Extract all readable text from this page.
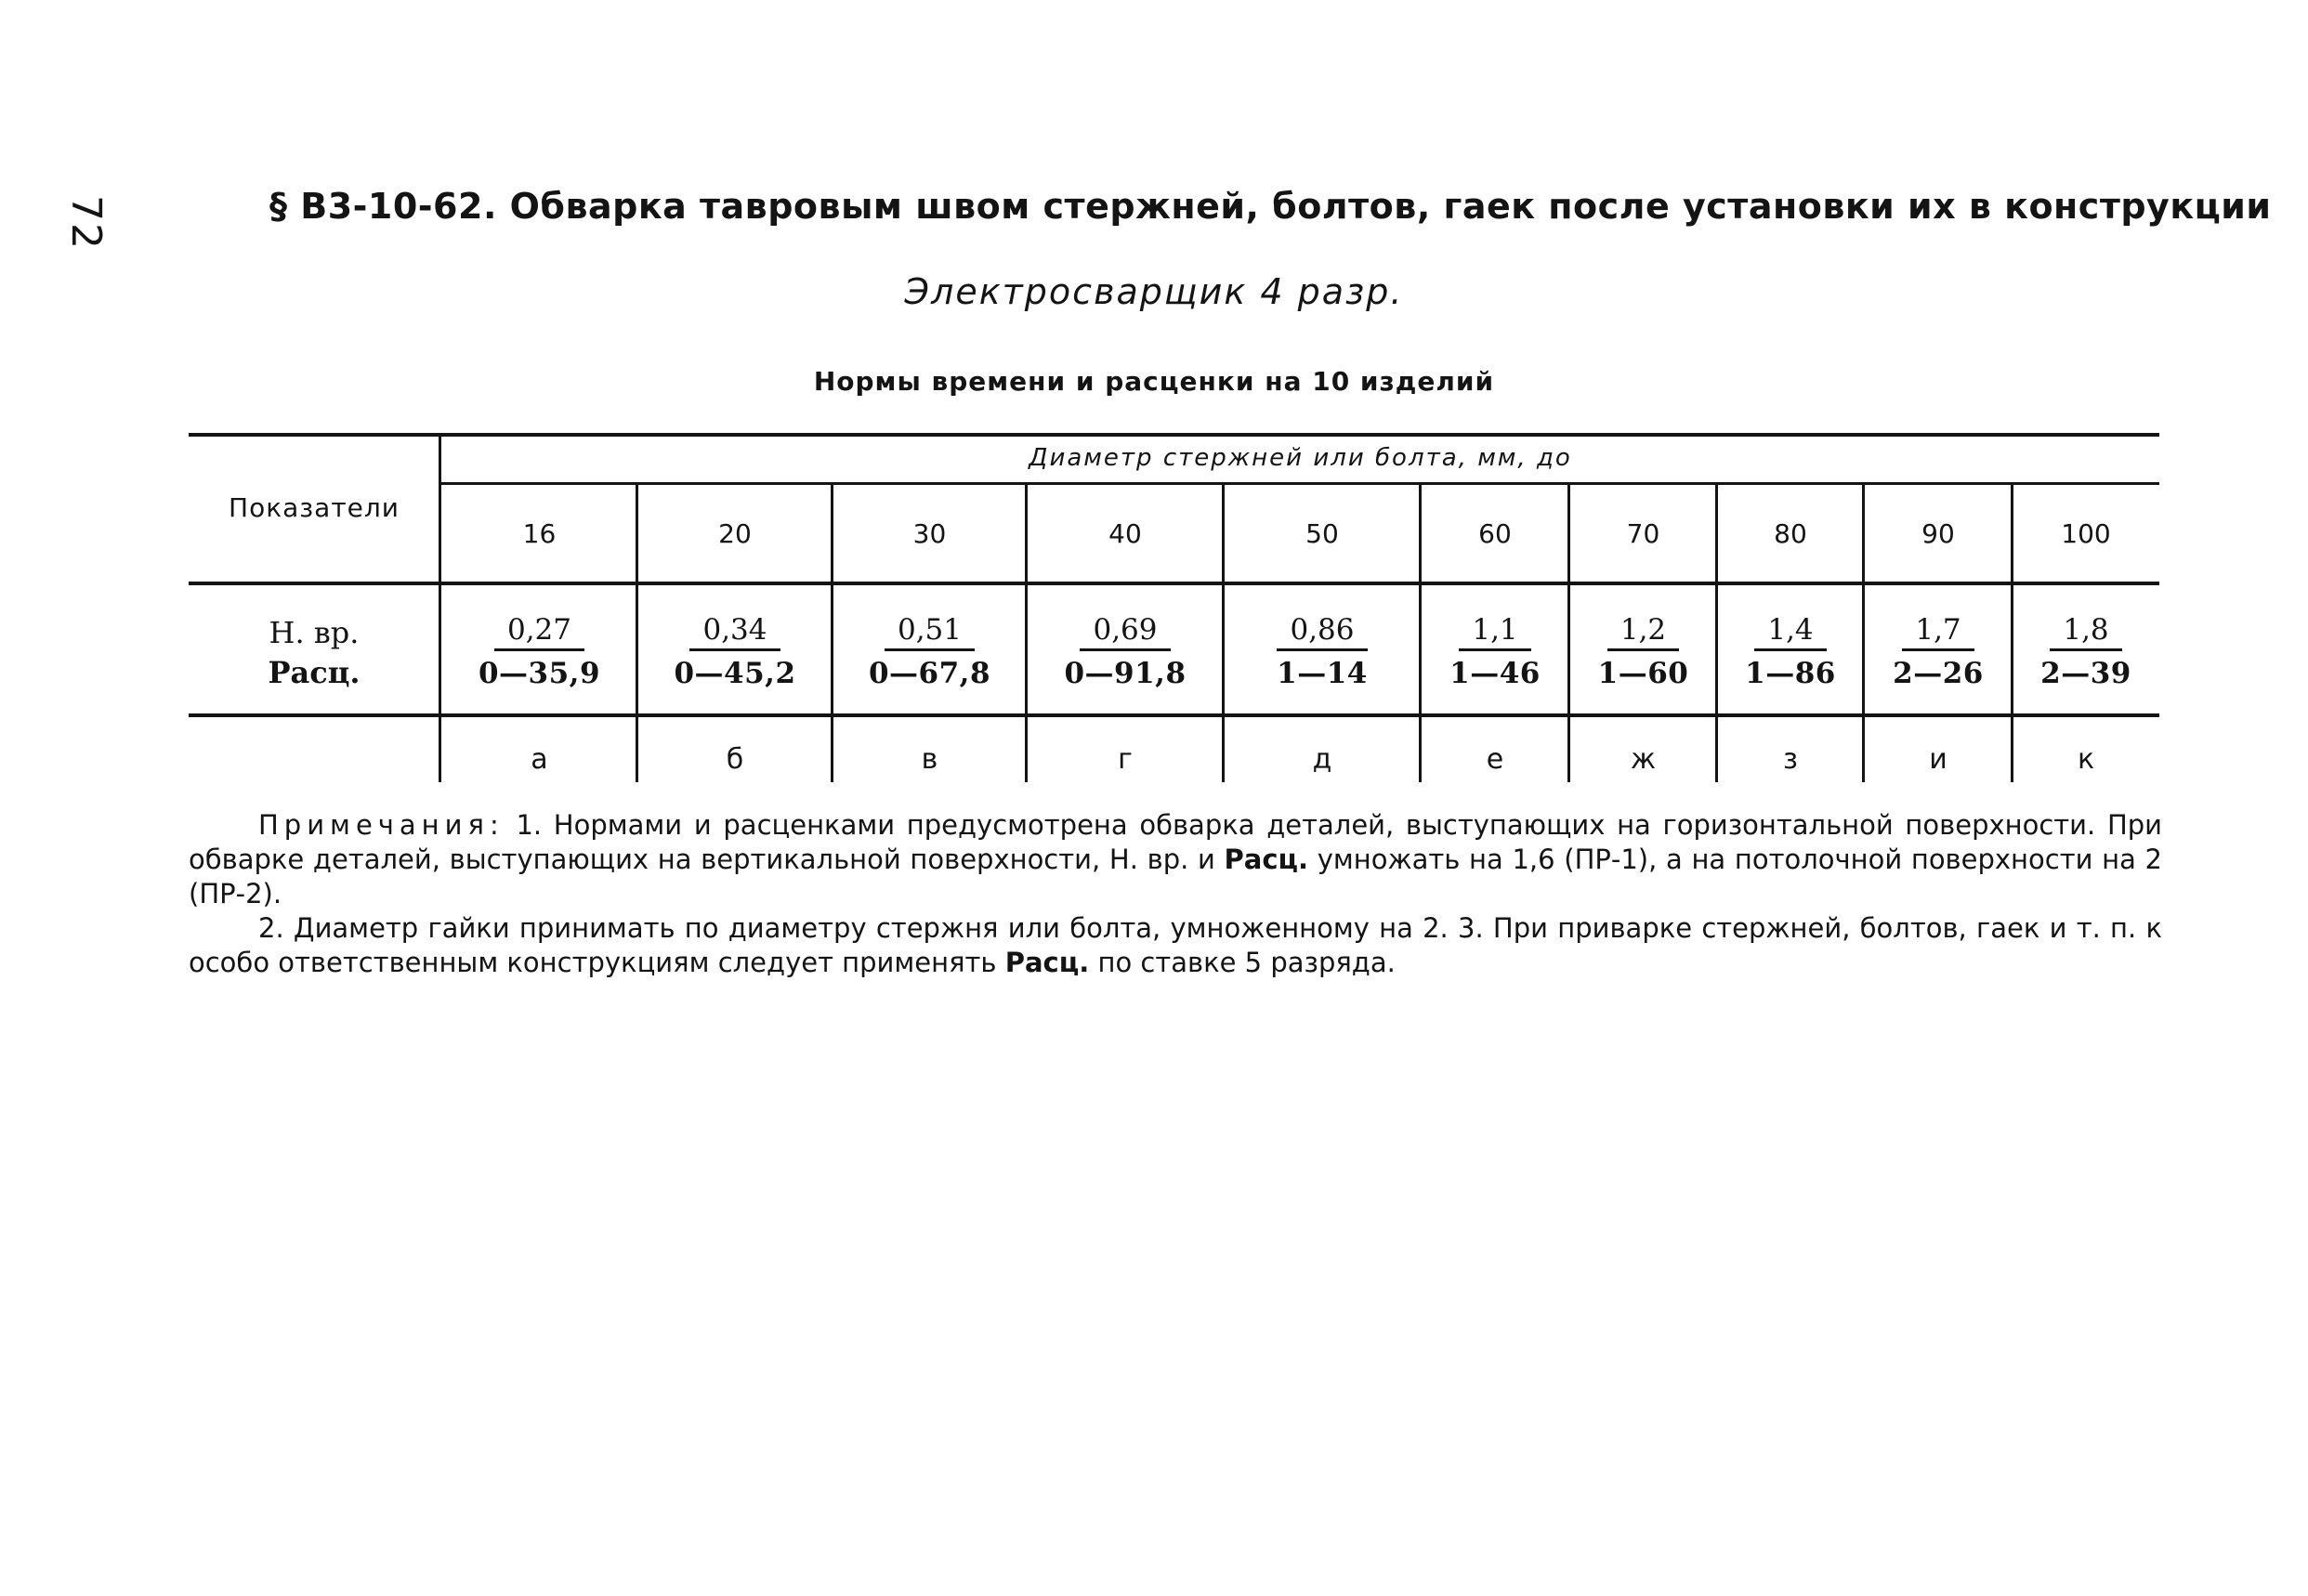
72	§ В3-10-62. Обварка тавровым швом стержней, болтов, гаек после установки их в конструкции
Электросварщик 4 разр.
Нормы времени и расценки на 10 изделий
Показатели
Диаметр стержней или болта, мм, до
16	20	30	40	50	60	70	80	90	100
Н. вр.
Расц.	$\frac{0,27}{0—35,9} \frac{0,34}{0—45,2} \frac{0,51}{0—67,8} \frac{0,69}{0—91,8} \frac{0,86}{1—14} \frac{1,1}{1—46} \frac{1,2}{1—60} \frac{1,4}{1—86} \frac{1,7}{2—26} \frac{1,8}{2—39}$
а	б	в	г	д	е	ж	з	и	к

Примечания: 1. Нормами и расценками предусмотрена обварка деталей, выступающих на горизонтальной поверхности. При обварке деталей, выступающих на вертикальной поверхности, Н. вр. и Расц. умножать на 1,6 (ПР-1), а на потолочной поверхности на 2 (ПР-2).

2. Диаметр гайки принимать по диаметру стержня или болта, умноженному на 2. 3. При приварке стержней, болтов, гаек и т. п. к особо ответственным конструкциям следует применять Расц. по ставке 5 разряда.
